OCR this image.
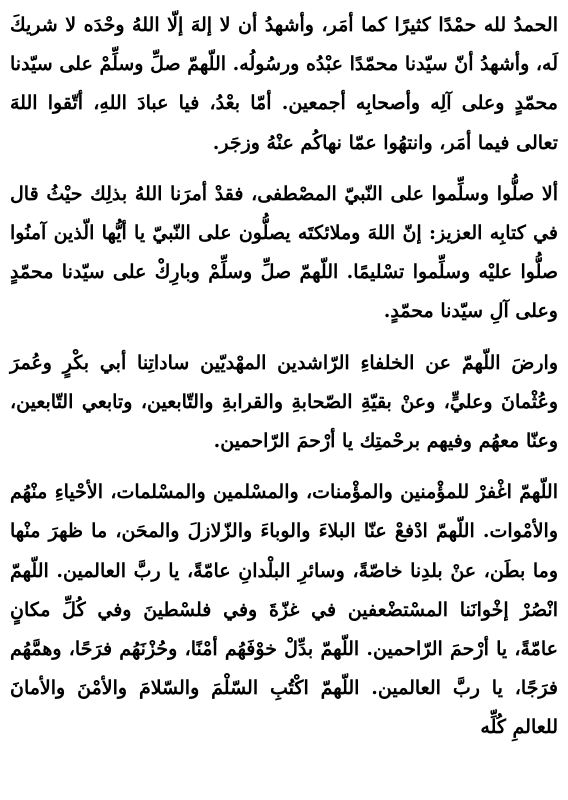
الحمدُ لله حمْدًا كثيرًا كما أمَر، وأشهدُ أن لا إلهَ إلّا اللهُ وحْدَه لا شريكَ لَه، وأشهدُ أنّ سيّدنا محمّدًا عبْدُه ورسُولُه. اللّهمّ صلِّ وسلِّمْ على سيّدنا محمّدٍ وعلى آلِه وأصحابِه أجمعين. أمّا بعْدُ، فيا عبادَ اللهِ، أتّقوا اللهَ تعالى فيما أمَر، وانتهُوا عمّا نهاكُم عنْهُ وزجَر.

ألا صلُّوا وسلِّموا على النّبيّ المصْطفى، فقدْ أمرَنا اللهُ بذلِك حيْثُ قال في كتابِه العزيز: إنّ اللهَ وملائكتَه يصلُّون على النّبيّ يا أيُّها الّذين آمنُوا صلُّوا عليْه وسلِّموا تسْليمًا. اللّهمّ صلِّ وسلِّمْ وبارِكْ على سيّدنا محمّدٍ وعلى آلِ سيّدنا محمّدٍ.

وارضَ اللّهمّ عن الخلفاءِ الرّاشدين المهْديّين ساداتِنا أبي بكْرٍ وعُمرَ وعُثْمانَ وعليٍّ، وعنْ بقيّةِ الصّحابةِ والقرابةِ والتّابعين، وتابعي التّابعين، وعنّا معهُم وفيهم برحْمتِك يا أرْحمَ الرّاحمين.

اللّهمّ اغْفرْ للمؤْمنين والمؤْمنات، والمسْلمين والمسْلمات، الأحْياءِ منْهُم والأمْوات. اللّهمّ ادْفعْ عنّا البلاءَ والوباءَ والزّلازلَ والمحَن، ما ظهرَ منْها وما بطَن، عنْ بلدِنا خاصّةً، وسائرِ البلْدانِ عامّةً، يا ربَّ العالمين. اللّهمّ انْصُرْ إخْوانَنا المسْتضْعفين في غزّةَ وفي فلسْطينَ وفي كُلِّ مكانٍ عامّةً، يا أرْحمَ الرّاحمين. اللّهمّ بدِّلْ خوْفَهُم أمْنًا، وحُزْنَهُم فرَحًا، وهمَّهُم فرَجًا، يا ربَّ العالمين. اللّهمّ اكْتُبِ السّلْمَ والسّلامَ والأمْنَ والأمانَ للعالمِ كُلِّه
